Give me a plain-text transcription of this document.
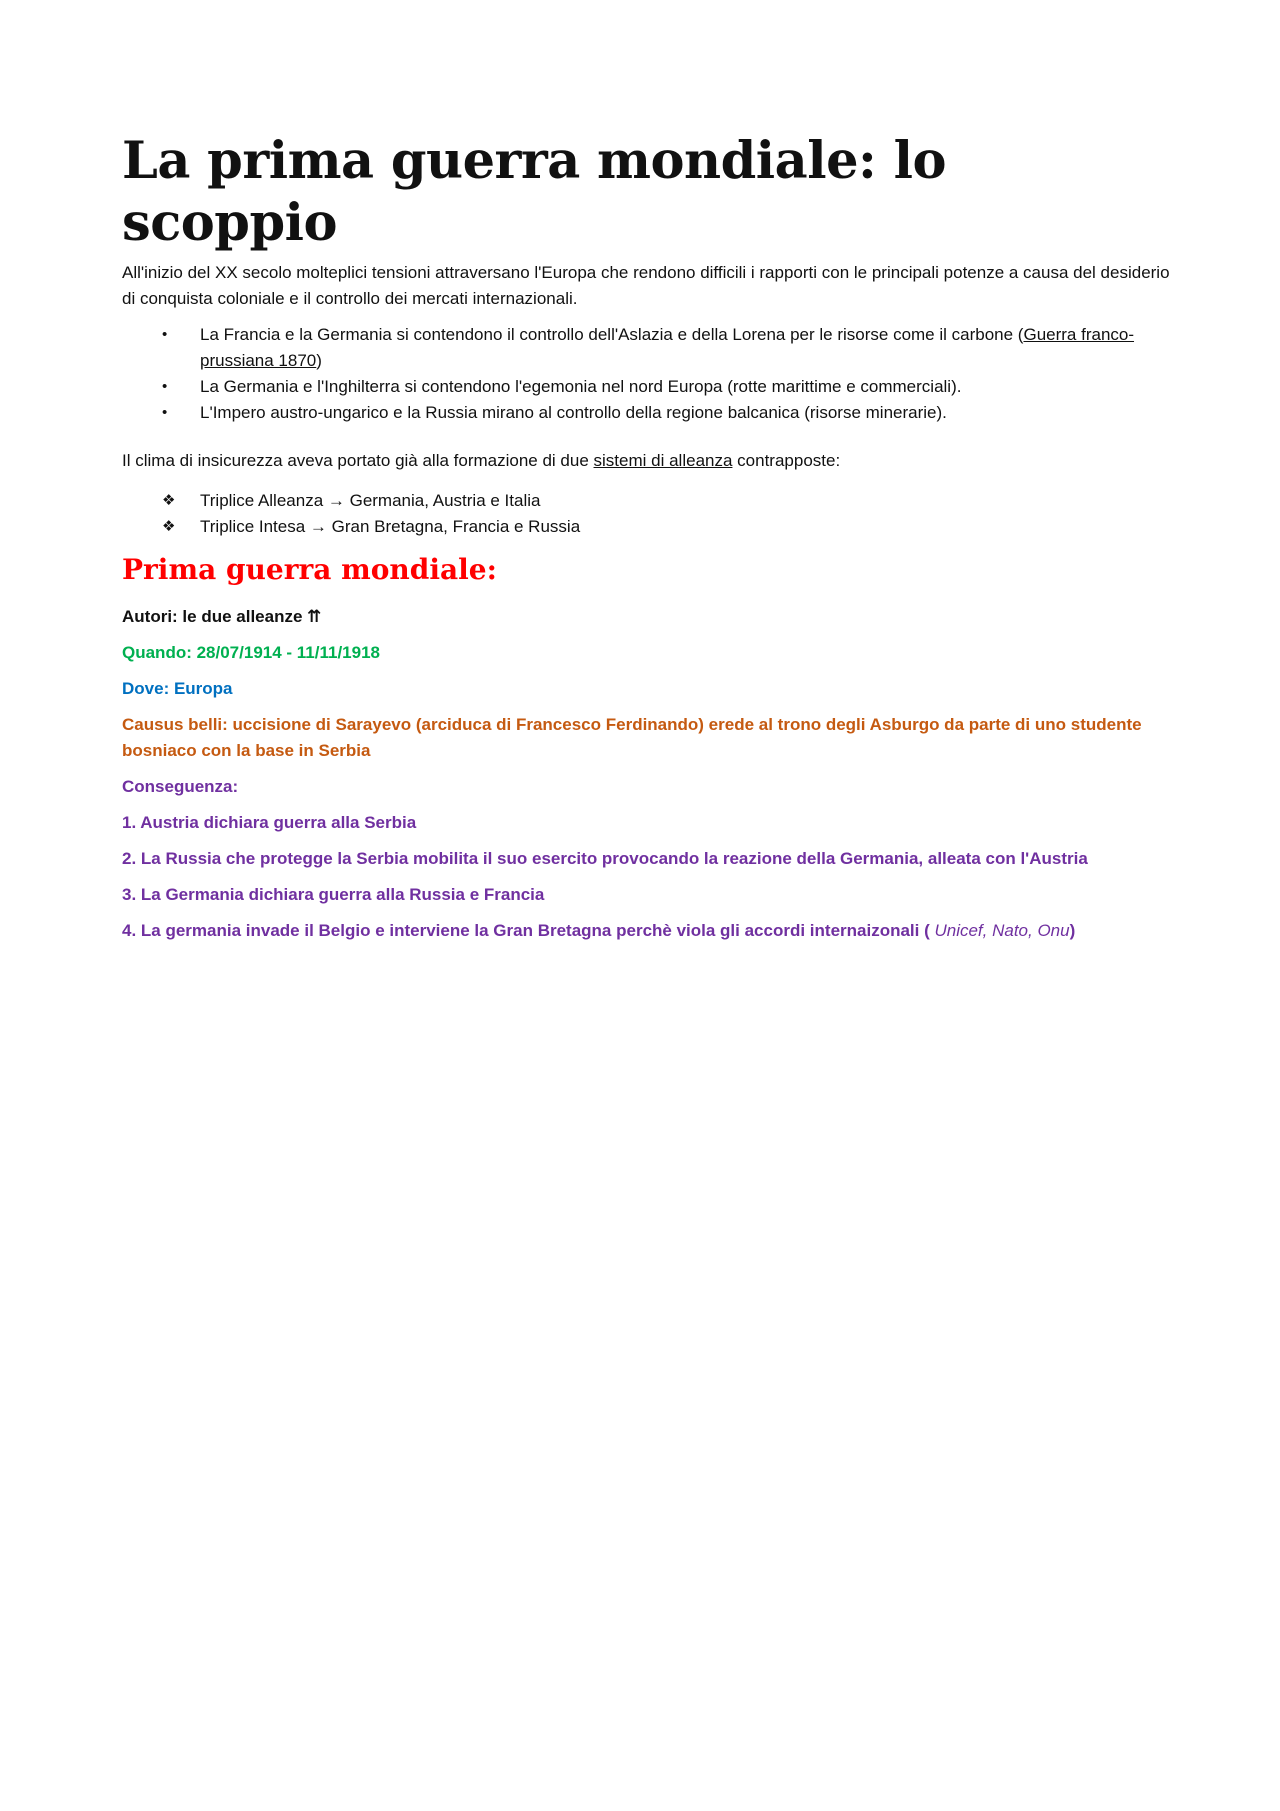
La prima guerra mondiale: lo scoppio

All'inizio del XX secolo molteplici tensioni attraversano l'Europa che rendono difficili i rapporti con le principali potenze a causa del desiderio di conquista coloniale e il controllo dei mercati internazionali.

• La Francia e la Germania si contendono il controllo dell'Aslazia e della Lorena per le risorse come il carbone (Guerra franco-prussiana 1870)
• La Germania e l'Inghilterra si contendono l'egemonia nel nord Europa (rotte marittime e commerciali).
• L'Impero austro-ungarico e la Russia mirano al controllo della regione balcanica (risorse minerarie).

Il clima di insicurezza aveva portato già alla formazione di due sistemi di alleanza contrapposte:

❖ Triplice Alleanza → Germania, Austria e Italia
❖ Triplice Intesa → Gran Bretagna, Francia e Russia
Prima guerra mondiale:

Autori: le due alleanze ⇈

Quando: 28/07/1914 - 11/11/1918

Dove: Europa

Causus belli: uccisione di Sarayevo (arciduca di Francesco Ferdinando) erede al trono degli Asburgo da parte di uno studente bosniaco con la base in Serbia

Conseguenza:

1. Austria dichiara guerra alla Serbia

2. La Russia che protegge la Serbia mobilita il suo esercito provocando la reazione della Germania, alleata con l'Austria

3. La Germania dichiara guerra alla Russia e Francia

4. La germania invade il Belgio e interviene la Gran Bretagna perchè viola gli accordi internaizonali ( Unicef, Nato, Onu)
